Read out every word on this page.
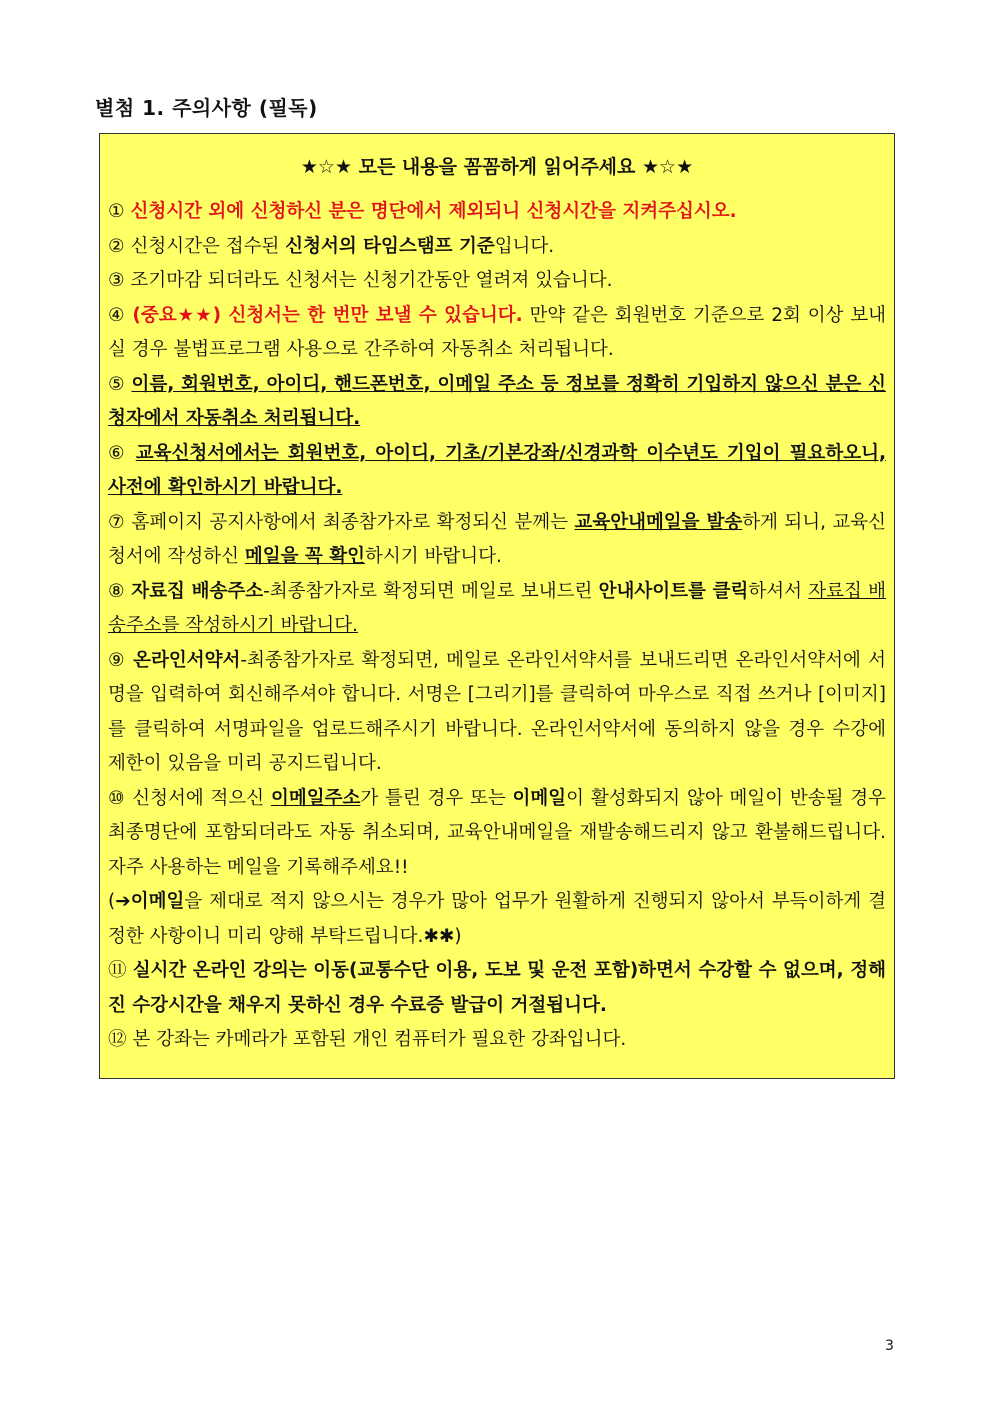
별첨 1. 주의사항 (필독)
★☆★ 모든 내용을 꼼꼼하게 읽어주세요 ★☆★

① 신청시간 외에 신청하신 분은 명단에서 제외되니 신청시간을 지켜주십시오.

② 신청시간은 접수된 신청서의 타임스탬프 기준입니다.

③ 조기마감 되더라도 신청서는 신청기간동안 열려져 있습니다.

④ (중요★★) 신청서는 한 번만 보낼 수 있습니다. 만약 같은 회원번호 기준으로 2회 이상 보내실 경우 불법프로그램 사용으로 간주하여 자동취소 처리됩니다.

⑤ 이름, 회원번호, 아이디, 핸드폰번호, 이메일 주소 등 정보를 정확히 기입하지 않으신 분은 신청자에서 자동취소 처리됩니다.

⑥ 교육신청서에서는 회원번호, 아이디, 기초/기본강좌/신경과학 이수년도 기입이 필요하오니, 사전에 확인하시기 바랍니다.

⑦ 홈페이지 공지사항에서 최종참가자로 확정되신 분께는 교육안내메일을 발송하게 되니, 교육신청서에 작성하신 메일을 꼭 확인하시기 바랍니다.

⑧ 자료집 배송주소-최종참가자로 확정되면 메일로 보내드린 안내사이트를 클릭하셔서 자료집 배송주소를 작성하시기 바랍니다.

⑨ 온라인서약서-최종참가자로 확정되면, 메일로 온라인서약서를 보내드리면 온라인서약서에 서명을 입력하여 회신해주셔야 합니다. 서명은 [그리기]를 클릭하여 마우스로 직접 쓰거나 [이미지]를 클릭하여 서명파일을 업로드해주시기 바랍니다. 온라인서약서에 동의하지 않을 경우 수강에 제한이 있음을 미리 공지드립니다.

⑩ 신청서에 적으신 이메일주소가 틀린 경우 또는 이메일이 활성화되지 않아 메일이 반송될 경우 최종명단에 포함되더라도 자동 취소되며, 교육안내메일을 재발송해드리지 않고 환불해드립니다. 자주 사용하는 메일을 기록해주세요!!

(➔이메일을 제대로 적지 않으시는 경우가 많아 업무가 원활하게 진행되지 않아서 부득이하게 결정한 사항이니 미리 양해 부탁드립니다.✱✱)

⑪ 실시간 온라인 강의는 이동(교통수단 이용, 도보 및 운전 포함)하면서 수강할 수 없으며, 정해진 수강시간을 채우지 못하신 경우 수료증 발급이 거절됩니다.

⑫ 본 강좌는 카메라가 포함된 개인 컴퓨터가 필요한 강좌입니다.

3
